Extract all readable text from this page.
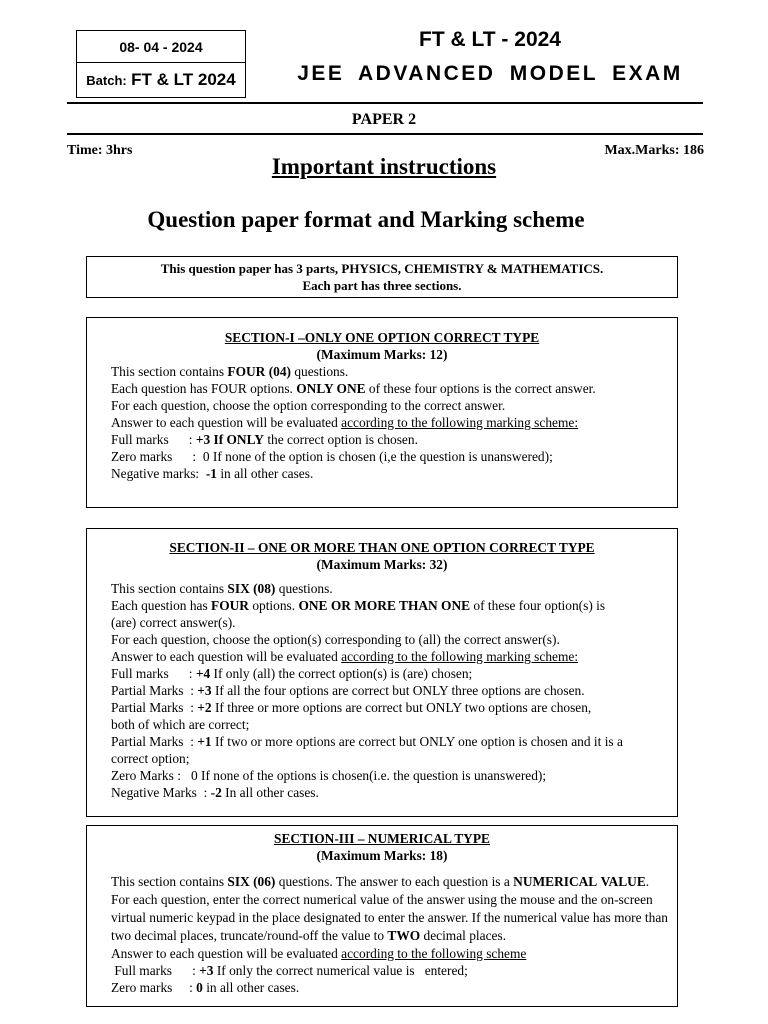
08- 04 - 2024
Batch: FT & LT 2024
FT & LT - 2024
JEE ADVANCED MODEL EXAM
PAPER 2
Time: 3hrs	Max.Marks: 186
Important instructions
Question paper format and Marking scheme
This question paper has 3 parts, PHYSICS, CHEMISTRY & MATHEMATICS.
Each part has three sections.
SECTION-I –ONLY ONE OPTION CORRECT TYPE
(Maximum Marks: 12)
This section contains FOUR (04) questions.
Each question has FOUR options. ONLY ONE of these four options is the correct answer.
For each question, choose the option corresponding to the correct answer.
Answer to each question will be evaluated according to the following marking scheme:
Full marks      : +3 If ONLY the correct option is chosen.
Zero marks      :  0 If none of the option is chosen (i,e the question is unanswered);
Negative marks:  -1 in all other cases.
SECTION-II – ONE OR MORE THAN ONE OPTION CORRECT TYPE
(Maximum Marks: 32)
This section contains SIX (08) questions.
Each question has FOUR options. ONE OR MORE THAN ONE of these four option(s) is
(are) correct answer(s).
For each question, choose the option(s) corresponding to (all) the correct answer(s).
Answer to each question will be evaluated according to the following marking scheme:
Full marks      : +4 If only (all) the correct option(s) is (are) chosen;
Partial Marks  : +3 If all the four options are correct but ONLY three options are chosen.
Partial Marks  : +2 If three or more options are correct but ONLY two options are chosen,
both of which are correct;
Partial Marks  : +1 If two or more options are correct but ONLY one option is chosen and it is a
correct option;
Zero Marks :   0 If none of the options is chosen(i.e. the question is unanswered);
Negative Marks  : -2 In all other cases.
SECTION-III – NUMERICAL TYPE
(Maximum Marks: 18)
This section contains SIX (06) questions. The answer to each question is a NUMERICAL VALUE. For each question, enter the correct numerical value of the answer using the mouse and the on-screen virtual numeric keypad in the place designated to enter the answer. If the numerical value has more than two decimal places, truncate/round-off the value to TWO decimal places.
Answer to each question will be evaluated according to the following scheme
Full marks      : +3 If only the correct numerical value is   entered;
Zero marks     : 0 in all other cases.
